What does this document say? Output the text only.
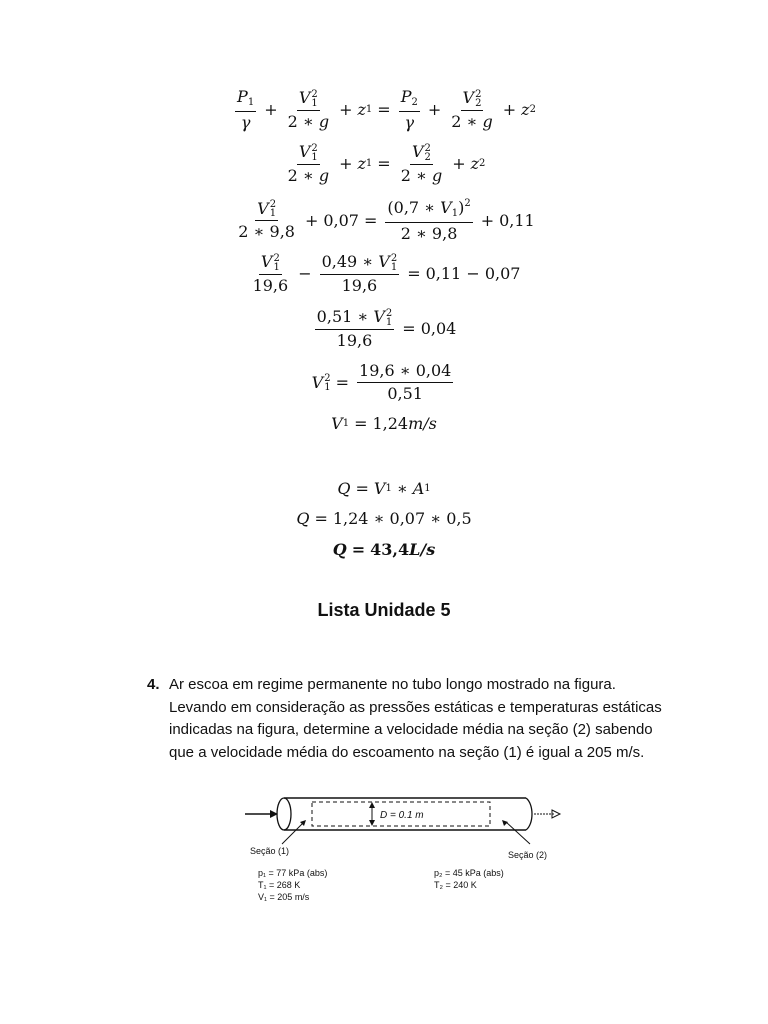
$\frac{P_1}{\gamma} + V$ 2
1
2 ∗ g + z $1 = \frac{P_2}{\gamma} + V$ 2
2
2 ∗ g + z 2
V 2
1
2 ∗ g + z 1 = V 2
2
2 ∗ g + z 2
V 2
1
2 ∗ $9,8 + 0,07 = \frac{(0,7 ∗ V_1)^2}{2 ∗ 9,8} + 0,11$
V 2
1
19,6 − 0,49 ∗ V 2
1
19,6 = 0,11 − 0,07
0,51 ∗ V 2
1
19,6 = 0,04
V 2
$1 = \frac{19,6 ∗ 0,04}{0,51}$
V 1 = 1,24 m/s
Q = V 1 ∗ A 1
Q = 1,24 ∗ 0,07 ∗ 0,5
Q = 43,4 L/s
Lista Unidade 5
4. Ar escoa em regime permanente no tubo longo mostrado na figura. Levando em consideração as pressões estáticas e temperaturas estáticas indicadas na figura, determine a velocidade média na seção (2) sabendo que a velocidade média do escoamento na seção (1) é igual a 205 m/s.
D = 0.1 m
Seção (1)	Seção (2)
p₁ = 77 kPa (abs)
T₁ = 268 K
V₁ = 205 m/s
p₂ = 45 kPa (abs)
T₂ = 240 K
